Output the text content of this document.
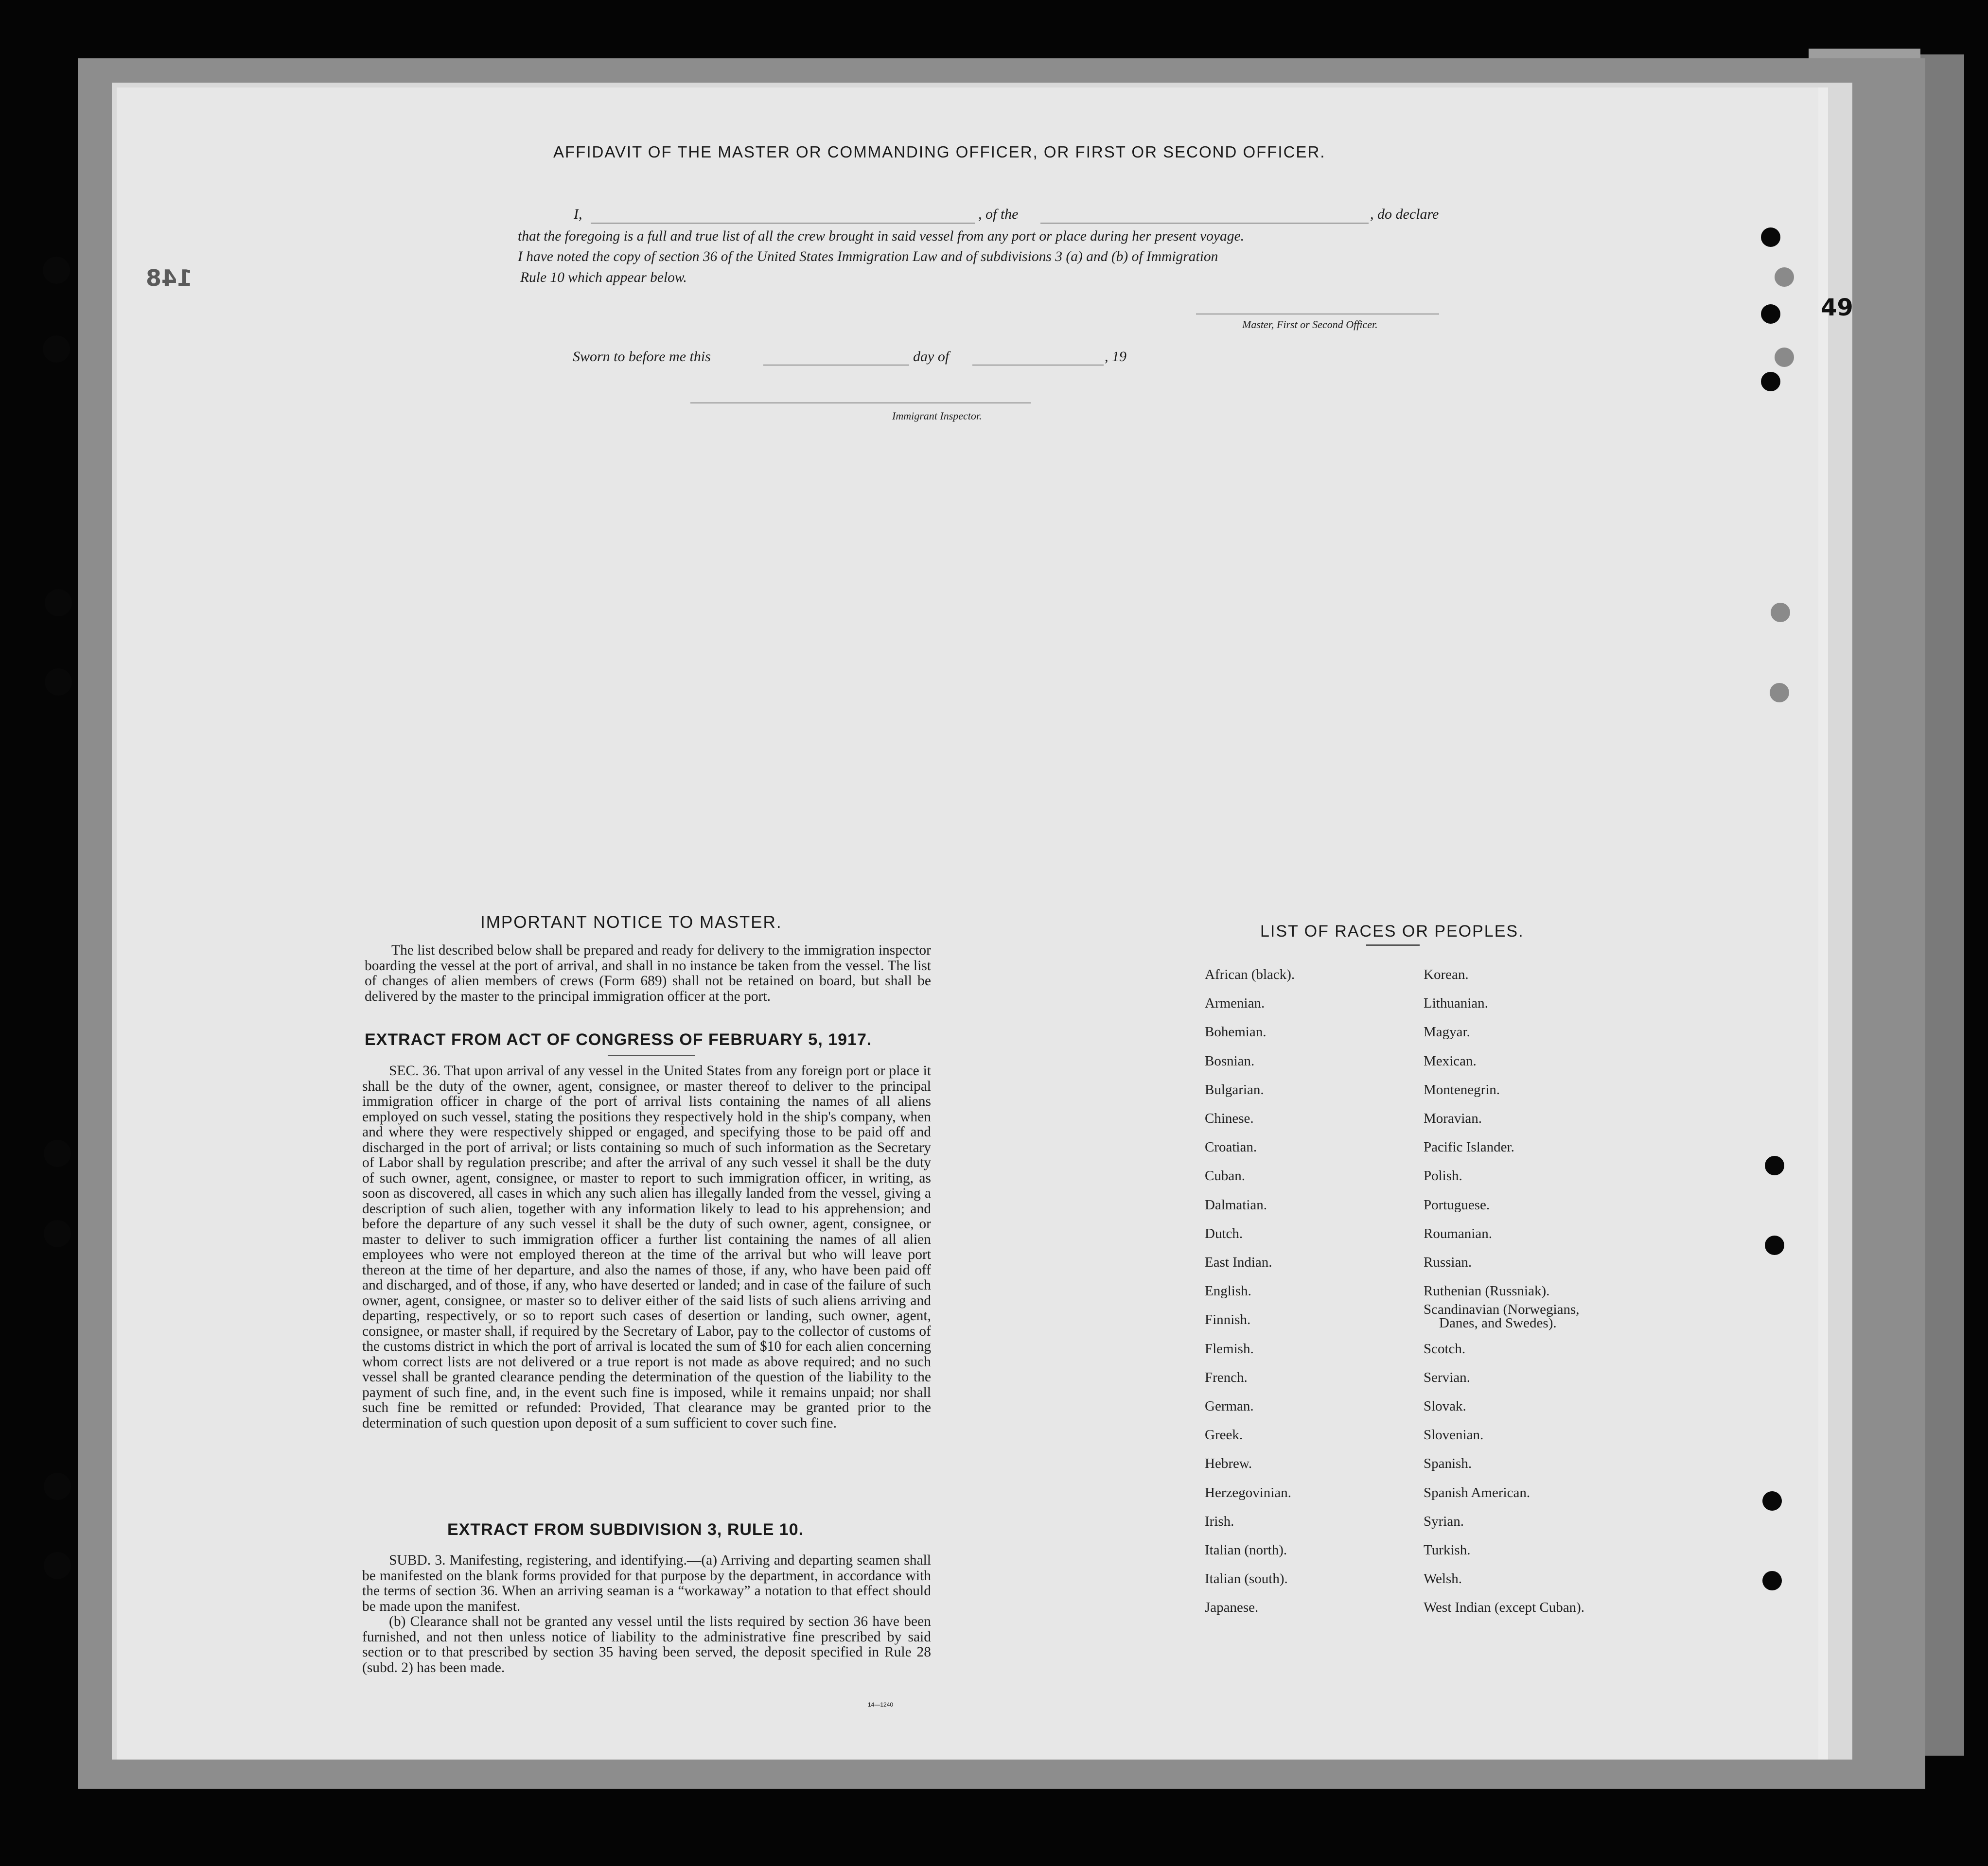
148
49
AFFIDAVIT OF THE MASTER OR COMMANDING OFFICER, OR FIRST OR SECOND OFFICER.
I,	, of the	, do declare
that the foregoing is a full and true list of all the crew brought in said vessel from any port or place during her present voyage.
I have noted the copy of section 36 of the United States Immigration Law and of subdivisions 3 (a) and (b) of Immigration
Rule 10 which appear below.
Master, First or Second Officer.
Sworn to before me this	day of	, 19
Immigrant Inspector.
IMPORTANT NOTICE TO MASTER.

The list described below shall be prepared and ready for delivery to the immigration inspector boarding the vessel at the port of arrival, and shall in no instance be taken from the vessel. The list of changes of alien members of crews (Form 689) shall not be retained on board, but shall be delivered by the master to the principal immigration officer at the port.

EXTRACT FROM ACT OF CONGRESS OF FEBRUARY 5, 1917.

SEC. 36. That upon arrival of any vessel in the United States from any foreign port or place it shall be the duty of the owner, agent, consignee, or master thereof to deliver to the principal immigration officer in charge of the port of arrival lists containing the names of all aliens employed on such vessel, stating the positions they respectively hold in the ship's company, when and where they were respectively shipped or engaged, and specifying those to be paid off and discharged in the port of arrival; or lists containing so much of such information as the Secretary of Labor shall by regulation prescribe; and after the arrival of any such vessel it shall be the duty of such owner, agent, consignee, or master to report to such immigration officer, in writing, as soon as discovered, all cases in which any such alien has illegally landed from the vessel, giving a description of such alien, together with any information likely to lead to his apprehension; and before the departure of any such vessel it shall be the duty of such owner, agent, consignee, or master to deliver to such immigration officer a further list containing the names of all alien employees who were not employed thereon at the time of the arrival but who will leave port thereon at the time of her departure, and also the names of those, if any, who have been paid off and discharged, and of those, if any, who have deserted or landed; and in case of the failure of such owner, agent, consignee, or master so to deliver either of the said lists of such aliens arriving and departing, respectively, or so to report such cases of desertion or landing, such owner, agent, consignee, or master shall, if required by the Secretary of Labor, pay to the collector of customs of the customs district in which the port of arrival is located the sum of $10 for each alien concerning whom correct lists are not delivered or a true report is not made as above required; and no such vessel shall be granted clearance pending the determination of the question of the liability to the payment of such fine, and, in the event such fine is imposed, while it remains unpaid; nor shall such fine be remitted or refunded: Provided, That clearance may be granted prior to the determination of such question upon deposit of a sum sufficient to cover such fine.

EXTRACT FROM SUBDIVISION 3, RULE 10.

SUBD. 3. Manifesting, registering, and identifying.—(a) Arriving and departing seamen shall be manifested on the blank forms provided for that purpose by the department, in accordance with the terms of section 36. When an arriving seaman is a “workaway” a notation to that effect should be made upon the manifest.

(b) Clearance shall not be granted any vessel until the lists required by section 36 have been furnished, and not then unless notice of liability to the administrative fine prescribed by said section or to that prescribed by section 35 having been served, the deposit specified in Rule 28 (subd. 2) has been made.

14—1240
LIST OF RACES OR PEOPLES.
African (black).
Armenian.
Bohemian.
Bosnian.
Bulgarian.
Chinese.
Croatian.
Cuban.
Dalmatian.
Dutch.
East Indian.
English.
Finnish.
Flemish.
French.
German.
Greek.
Hebrew.
Herzegovinian.
Irish.
Italian (north).
Italian (south).
Japanese.
Korean.
Lithuanian.
Magyar.
Mexican.
Montenegrin.
Moravian.
Pacific Islander.
Polish.
Portuguese.
Roumanian.
Russian.
Ruthenian (Russniak).
Scandinavian (Norwegians,
Danes, and Swedes).
Scotch.
Servian.
Slovak.
Slovenian.
Spanish.
Spanish American.
Syrian.
Turkish.
Welsh.
West Indian (except Cuban).
